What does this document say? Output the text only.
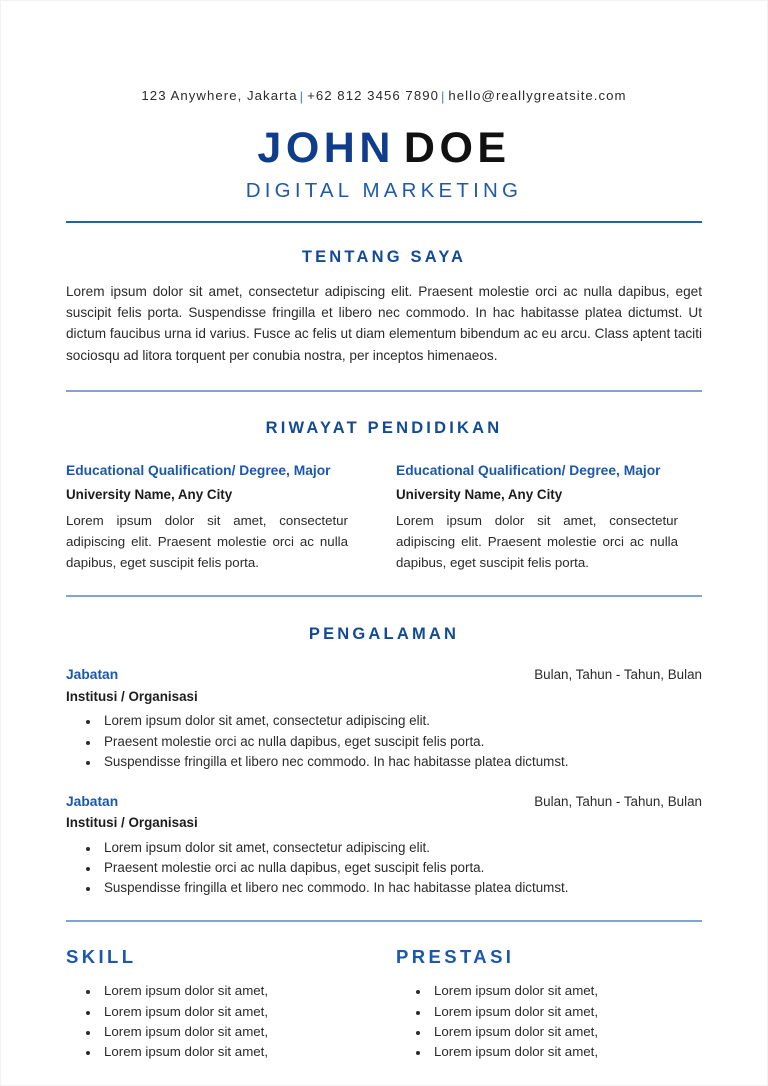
123 Anywhere, Jakarta | +62 812 3456 7890 | hello@reallygreatsite.com
JOHN DOE
DIGITAL MARKETING
TENTANG SAYA
Lorem ipsum dolor sit amet, consectetur adipiscing elit. Praesent molestie orci ac nulla dapibus, eget suscipit felis porta. Suspendisse fringilla et libero nec commodo. In hac habitasse platea dictumst. Ut dictum faucibus urna id varius. Fusce ac felis ut diam elementum bibendum ac eu arcu. Class aptent taciti sociosqu ad litora torquent per conubia nostra, per inceptos himenaeos.
RIWAYAT PENDIDIKAN
Educational Qualification/ Degree, Major
University Name, Any City
Lorem ipsum dolor sit amet, consectetur adipiscing elit. Praesent molestie orci ac nulla dapibus, eget suscipit felis porta.
Educational Qualification/ Degree, Major
University Name, Any City
Lorem ipsum dolor sit amet, consectetur adipiscing elit. Praesent molestie orci ac nulla dapibus, eget suscipit felis porta.
PENGALAMAN
Jabatan	Bulan, Tahun - Tahun, Bulan
Institusi / Organisasi
• Lorem ipsum dolor sit amet, consectetur adipiscing elit.
• Praesent molestie orci ac nulla dapibus, eget suscipit felis porta.
• Suspendisse fringilla et libero nec commodo. In hac habitasse platea dictumst.
Jabatan	Bulan, Tahun - Tahun, Bulan
Institusi / Organisasi
• Lorem ipsum dolor sit amet, consectetur adipiscing elit.
• Praesent molestie orci ac nulla dapibus, eget suscipit felis porta.
• Suspendisse fringilla et libero nec commodo. In hac habitasse platea dictumst.
SKILL
• Lorem ipsum dolor sit amet,
• Lorem ipsum dolor sit amet,
• Lorem ipsum dolor sit amet,
• Lorem ipsum dolor sit amet,
PRESTASI
• Lorem ipsum dolor sit amet,
• Lorem ipsum dolor sit amet,
• Lorem ipsum dolor sit amet,
• Lorem ipsum dolor sit amet,
